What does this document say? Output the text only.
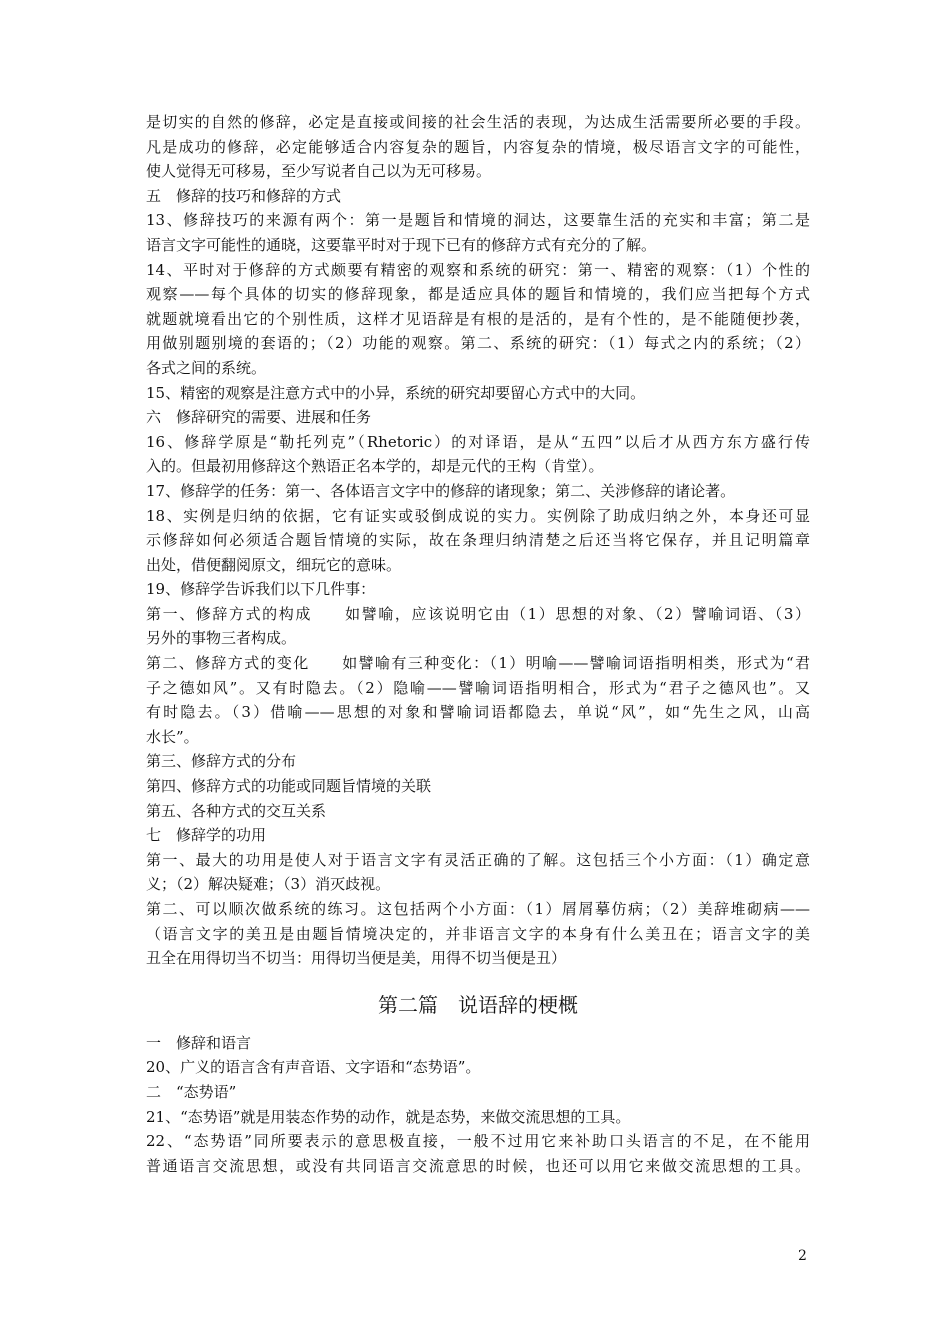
是切实的自然的修辞，必定是直接或间接的社会生活的表现，为达成生活需要所必要的手段。
凡是成功的修辞，必定能够适合内容复杂的题旨，内容复杂的情境，极尽语言文字的可能性，
使人觉得无可移易，至少写说者自己以为无可移易。
五　修辞的技巧和修辞的方式
13、修辞技巧的来源有两个：第一是题旨和情境的洞达，这要靠生活的充实和丰富；第二是
语言文字可能性的通晓，这要靠平时对于现下已有的修辞方式有充分的了解。
14、平时对于修辞的方式颇要有精密的观察和系统的研究：第一、精密的观察：（1）个性的
观察——每个具体的切实的修辞现象，都是适应具体的题旨和情境的，我们应当把每个方式
就题就境看出它的个别性质，这样才见语辞是有根的是活的，是有个性的，是不能随便抄袭，
用做别题别境的套语的；（2）功能的观察。第二、系统的研究：（1）每式之内的系统；（2）
各式之间的系统。
15、精密的观察是注意方式中的小异，系统的研究却要留心方式中的大同。
六　修辞研究的需要、进展和任务
16、修辞学原是“勒托列克”（Rhetoric）的对译语，是从“五四”以后才从西方东方盛行传
入的。但最初用修辞这个熟语正名本学的，却是元代的王构（肯堂）。
17、修辞学的任务：第一、各体语言文字中的修辞的诸现象；第二、关涉修辞的诸论著。
18、实例是归纳的依据，它有证实或驳倒成说的实力。实例除了助成归纳之外，本身还可显
示修辞如何必须适合题旨情境的实际，故在条理归纳清楚之后还当将它保存，并且记明篇章
出处，借便翻阅原文，细玩它的意味。
19、修辞学告诉我们以下几件事：
第一、修辞方式的构成　　如譬喻，应该说明它由（1）思想的对象、（2）譬喻词语、（3）
另外的事物三者构成。
第二、修辞方式的变化　　如譬喻有三种变化：（1）明喻——譬喻词语指明相类，形式为“君
子之德如风”。又有时隐去。（2）隐喻——譬喻词语指明相合，形式为“君子之德风也”。又
有时隐去。（3）借喻——思想的对象和譬喻词语都隐去，单说“风”，如“先生之风，山高
水长”。
第三、修辞方式的分布
第四、修辞方式的功能或同题旨情境的关联
第五、各种方式的交互关系
七　修辞学的功用
第一、最大的功用是使人对于语言文字有灵活正确的了解。这包括三个小方面：（1）确定意
义；（2）解决疑难；（3）消灭歧视。
第二、可以顺次做系统的练习。这包括两个小方面：（1）屑屑摹仿病；（2）美辞堆砌病——
（语言文字的美丑是由题旨情境决定的，并非语言文字的本身有什么美丑在；语言文字的美
丑全在用得切当不切当：用得切当便是美，用得不切当便是丑）
第二篇　说语辞的梗概
一　修辞和语言
20、广义的语言含有声音语、文字语和“态势语”。
二　“态势语”
21、“态势语”就是用装态作势的动作，就是态势，来做交流思想的工具。
22、“态势语”同所要表示的意思极直接，一般不过用它来补助口头语言的不足，在不能用
普通语言交流思想，或没有共同语言交流意思的时候，也还可以用它来做交流思想的工具。
2
